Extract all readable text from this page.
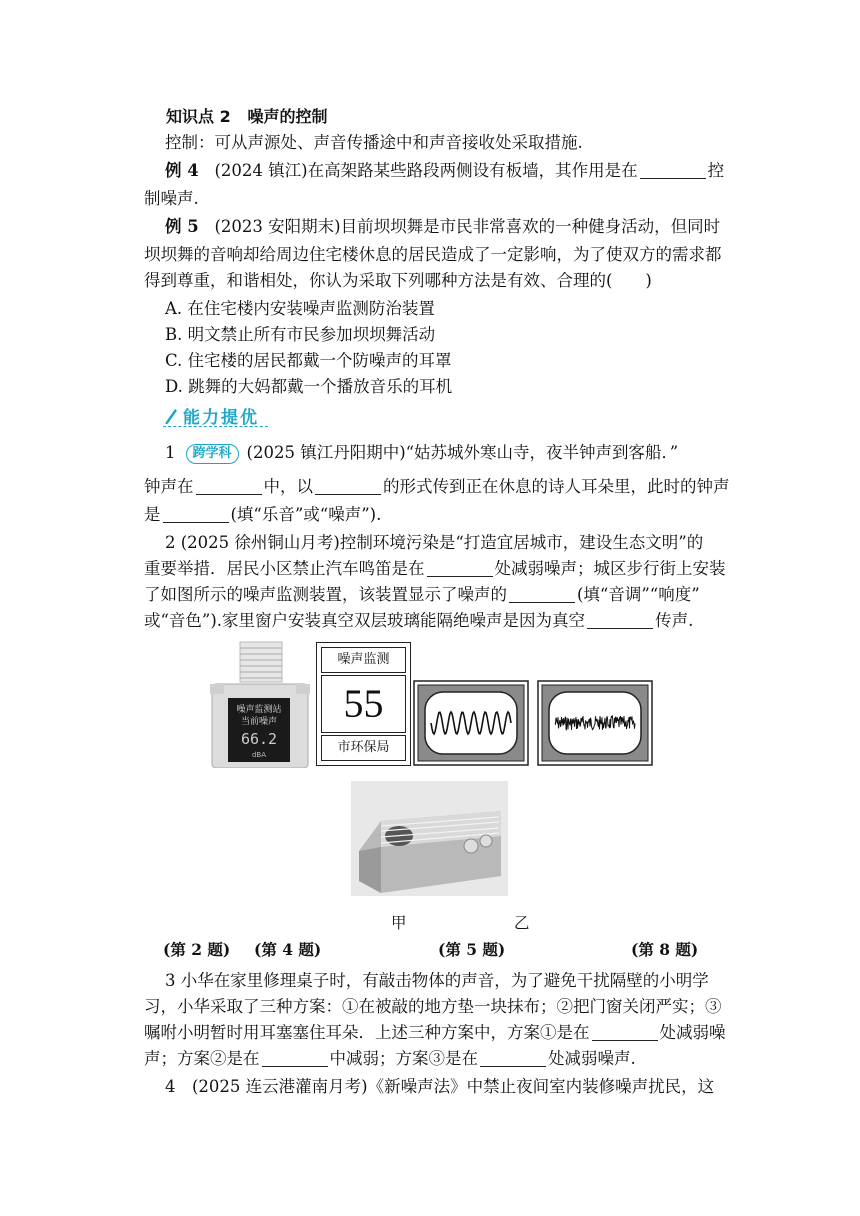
知识点 2 噪声的控制
控制：可从声源处、声音传播途中和声音接收处采取措施.
例 4 (2024 镇江)在高架路某些路段两侧设有板墙，其作用是在	控
制噪声.
例 5 (2023 安阳期末)目前坝坝舞是市民非常喜欢的一种健身活动，但同时
坝坝舞的音响却给周边住宅楼休息的居民造成了一定影响，为了使双方的需求都
得到尊重，和谐相处，你认为采取下列哪种方法是有效、合理的(　　)
A. 在住宅楼内安装噪声监测防治装置
B. 明文禁止所有市民参加坝坝舞活动
C. 住宅楼的居民都戴一个防噪声的耳罩
D. 跳舞的大妈都戴一个播放音乐的耳机
能力提优
1 跨学科 (2025 镇江丹阳期中)“姑苏城外寒山寺，夜半钟声到客船．”
钟声在	中，以	的形式传到正在休息的诗人耳朵里，此时的钟声
是	(填“乐音”或“噪声”).
2 (2025 徐州铜山月考)控制环境污染是“打造宜居城市，建设生态文明”的
重要举措．居民小区禁止汽车鸣笛是在	处减弱噪声；城区步行街上安装
了如图所示的噪声监测装置，该装置显示了噪声的	(填“音调”“响度”
或“音色”).家里窗户安装真空双层玻璃能隔绝噪声是因为真空	传声.
噪声监测站
当前噪声
66.2
dBA
噪声监测
55
市环保局
甲	乙
(第 2 题) (第 4 题)	(第 5 题)	(第 8 题)
3 小华在家里修理桌子时，有敲击物体的声音，为了避免干扰隔壁的小明学
习，小华采取了三种方案：①在被敲的地方垫一块抹布；②把门窗关闭严实；③
嘱咐小明暂时用耳塞塞住耳朵．上述三种方案中，方案①是在	处减弱噪
声；方案②是在	中减弱；方案③是在	处减弱噪声.
4　(2025 连云港灌南月考)《新噪声法》中禁止夜间室内装修噪声扰民，这
